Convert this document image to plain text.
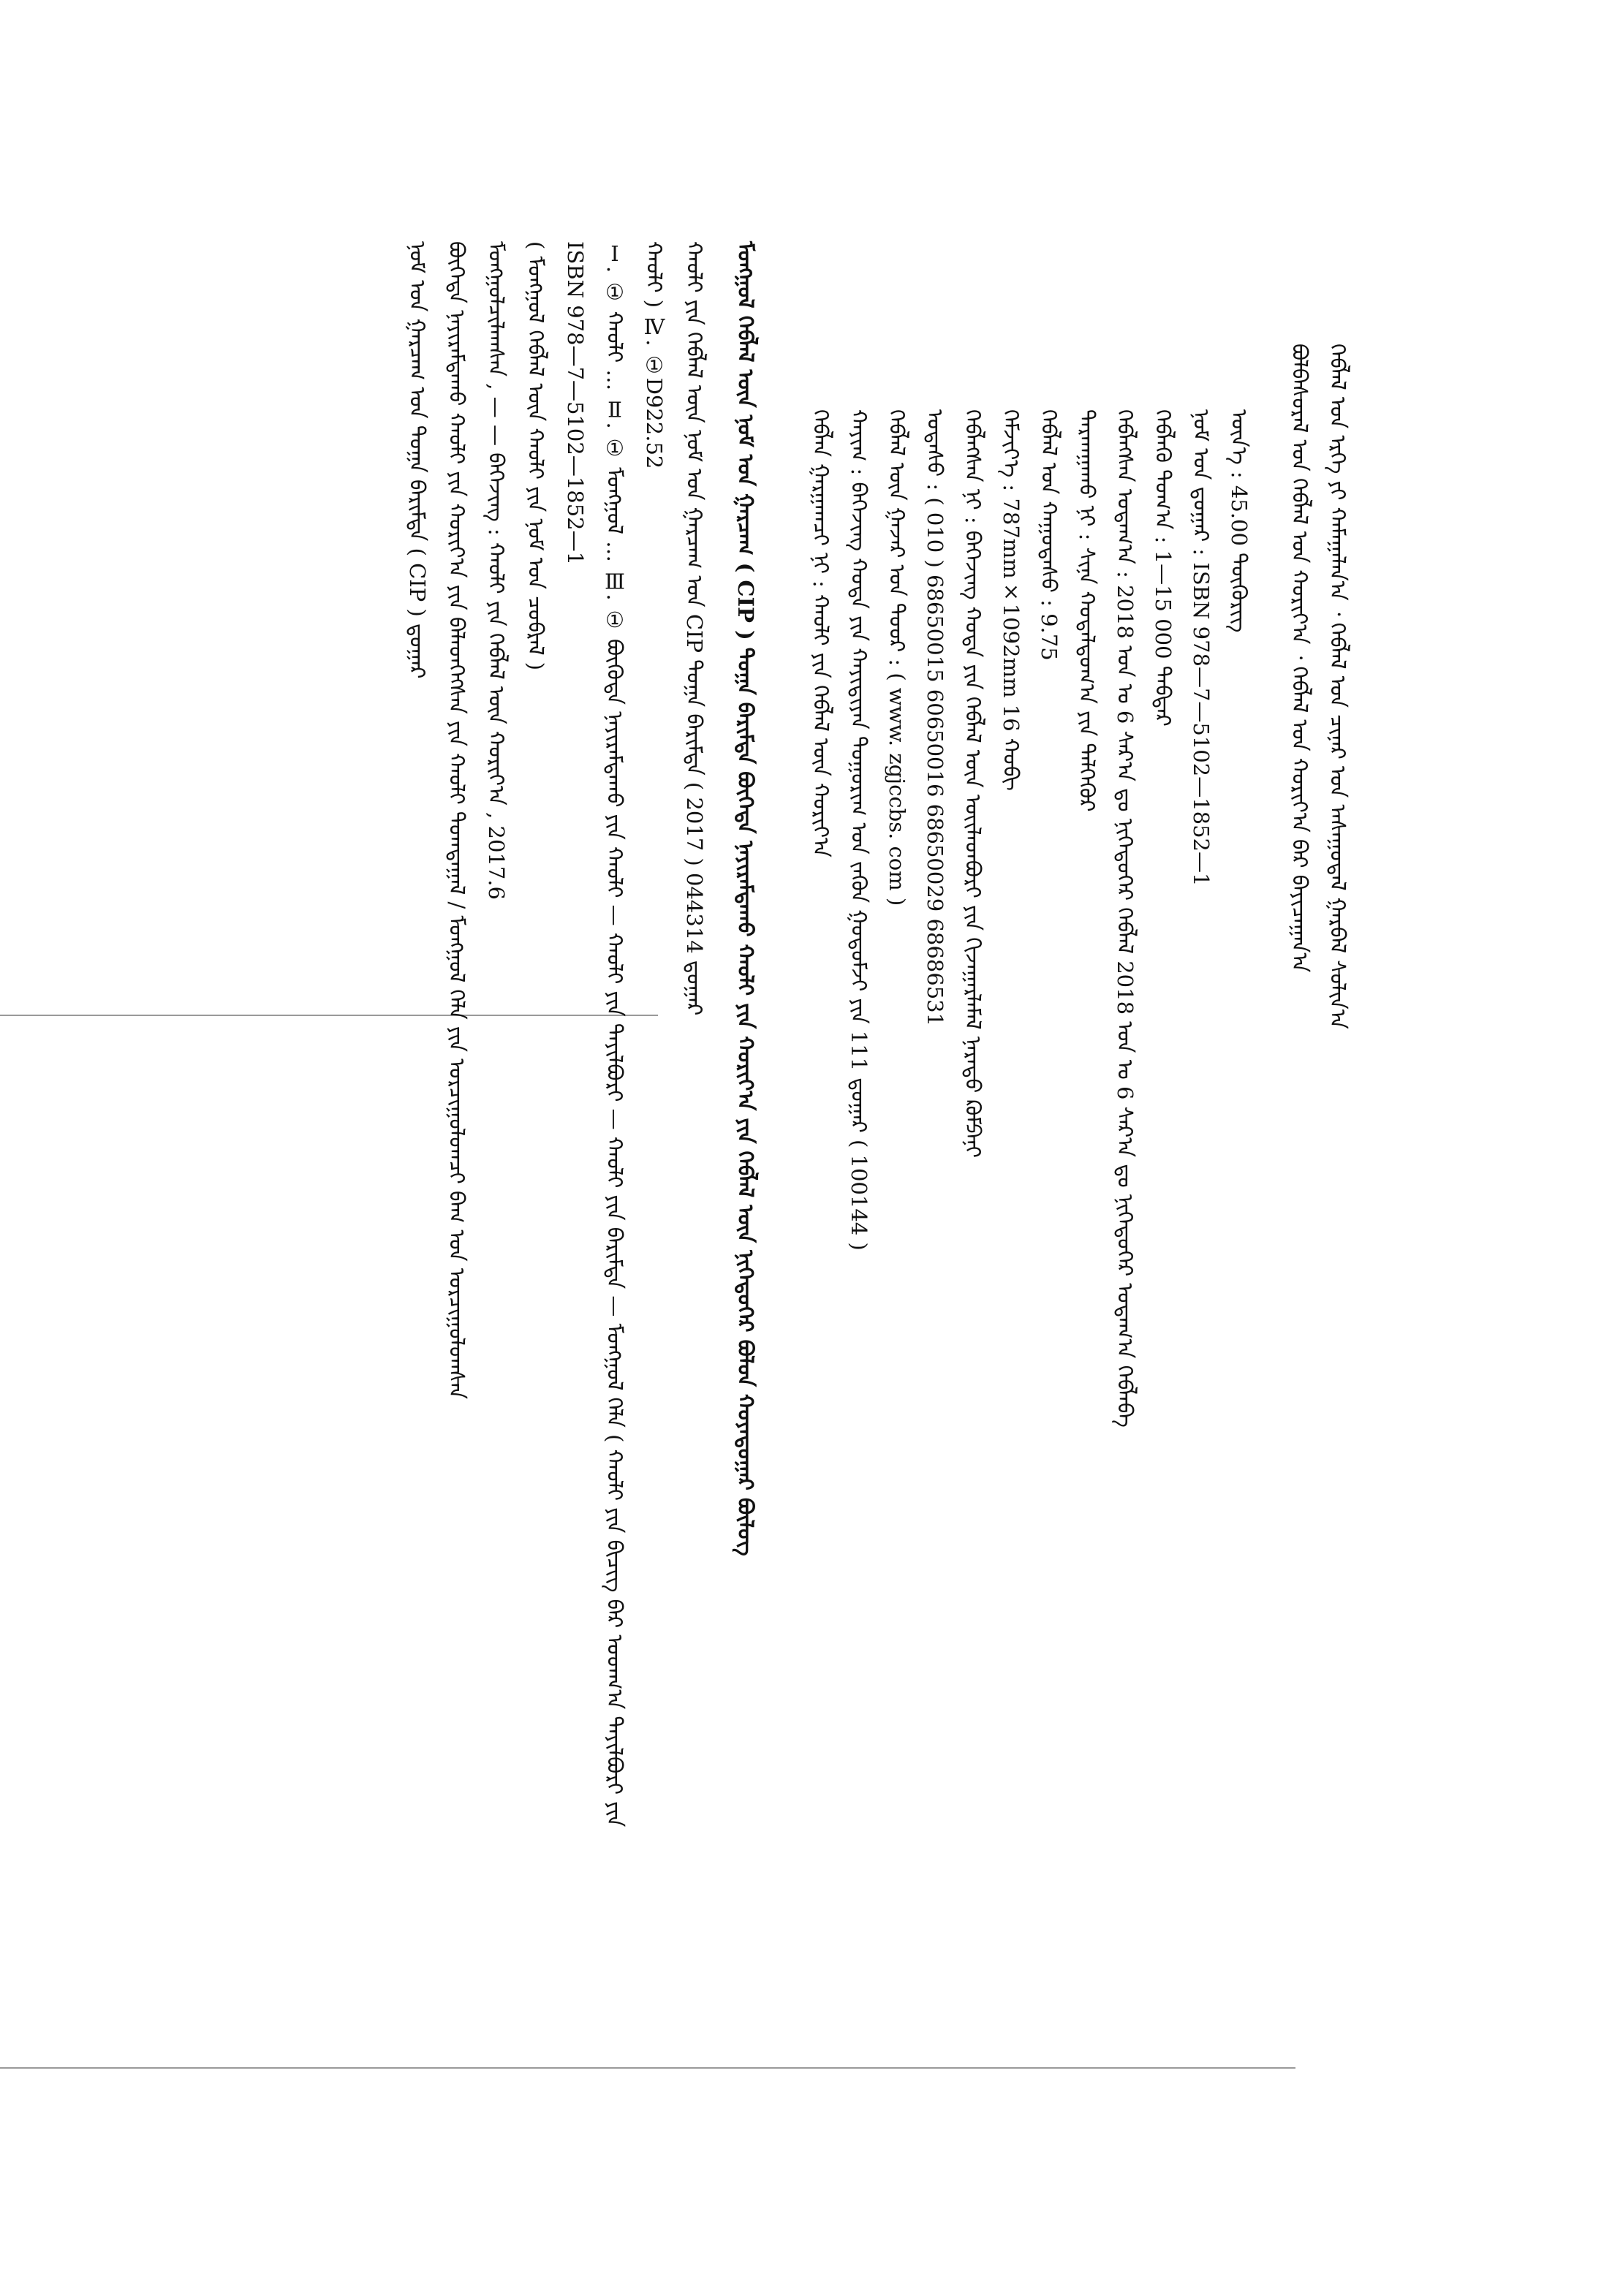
ᠬᠡᠪᠯᠡᠯ ᠤᠨ ᠡᠷᠬᠡ ᠶᠢ ᠬᠠᠮᠠᠭᠠᠯᠠᠨ᠎ᠠ ᠂ ᠬᠡᠪᠯᠡᠯ ᠤᠨ ᠴᠢᠨᠠᠷ ᠤᠨ ᠠᠰᠠᠭᠤᠳᠠᠯ ᠭᠠᠷᠪᠠᠯ ᠰᠣᠯᠢᠨ᠎ᠠ
ᠪᠣᠯᠪᠠᠰᠤᠷᠠᠯ ᠤᠨ ᠬᠡᠪᠯᠡᠯ ᠤᠨ ᠬᠣᠷᠢᠶ᠎ᠠ ᠂ ᠬᠡᠪᠯᠡᠯ ᠤᠨ ᠬᠣᠷᠢᠶ᠎ᠠ ᠪᠠᠷ ᠪᠠᠶᠢᠴᠠᠭᠠᠨ᠎ᠠ
ᠦᠨ᠎ᠡ : 45.00 ᠲᠥᠭᠦᠷᠢᠭ
ᠨᠣᠮ ᠤᠨ ᠳ᠋ᠤᠭᠠᠷ : ISBN 978—7—5102—1852—1
ᠬᠡᠪᠯᠡᠬᠦ ᠲᠣᠭ᠎ᠠ : 1—15 000 ᠳᠡᠪᠲᠡᠷ
ᠬᠡᠪᠯᠡᠭᠰᠡᠨ ᠤᠳᠠᠭ᠎ᠠ : 2018 ᠣᠨ ᠤ 6 ᠰᠠᠷ᠎ᠠ ᠳᠤ ᠨᠢᠭᠡᠳᠦᠭᠡᠷ ᠬᠡᠪᠯᠡᠯ 2018 ᠣᠨ ᠤ 6 ᠰᠠᠷ᠎ᠠ ᠳᠤ ᠨᠢᠭᠡᠳᠦᠭᠡᠷ ᠤᠳᠠᠭ᠎ᠠ ᠬᠡᠪᠯᠡᠪᠡ
ᠲᠠᠷᠬᠠᠭᠠᠬᠤ ᠨᠢ : ᠰᠢᠨᠡ ᠬᠤᠳᠠᠯᠳᠤᠭ᠎ᠠ ᠶᠢᠨ ᠳᠡᠯᠭᠡᠭᠦᠷ
ᠬᠡᠪᠯᠡᠯ ᠤᠨ ᠬᠠᠭᠤᠳᠠᠰᠤ : 9.75
ᠬᠡᠮᠵᠢᠶ᠎ᠡ : 787mm×1092mm 16 ᠬᠤᠪᠢ
ᠬᠡᠪᠯᠡᠭᠰᠡᠨ ᠨᠢ : ᠪᠡᠭᠡᠵᠢᠩ ᠬᠣᠲᠠ ᠶᠢᠨ ᠬᠡᠪᠯᠡᠯ ᠦᠨ ᠦᠢᠯᠡᠳᠪᠦᠷᠢ ᠶᠢᠨ ᠬᠢᠵᠠᠭᠠᠷᠯᠠᠮᠠᠯ ᠨᠡᠷᠡᠲᠦ ᠺᠣᠮᠫᠠᠨᠢ
ᠤᠲᠠᠰᠤ : ( 010 ) 68650015 60650016 68650029 68686531
ᠬᠡᠪᠯᠡᠯ ᠦᠨ ᠭᠠᠵᠠᠷ ᠤᠨ ᠲᠣᠣᠷ : ( www. zgjccbs. com )
ᠬᠠᠶᠢᠭ : ᠪᠡᠭᠡᠵᠢᠩ ᠬᠣᠲᠠ ᠶᠢᠨ ᠬᠠᠶᠢᠳᠢᠶᠠᠨ ᠲᠣᠭᠣᠷᠢᠭ ᠤᠨ ᠵᠡᠭᠦᠨ ᠭᠤᠳᠤᠮᠵᠢ ᠶᠢᠨ 111 ᠳ᠋ᠤᠭᠠᠷ ( 100144 )
ᠬᠡᠪᠯᠡᠨ ᠭᠠᠷᠭᠠᠭᠴᠢ ᠨᠢ : ᠬᠠᠤᠯᠢ ᠶᠢᠨ ᠬᠡᠪᠯᠡᠯ ᠦᠨ ᠬᠣᠷᠢᠶ᠎ᠠ
ᠮᠣᠩᠭᠣᠯ ᠬᠡᠪᠯᠡᠯ ᠦᠨ ᠨᠣᠮ ᠤᠨ ᠭᠠᠷᠴᠠᠭ ( CIP ) ᠲᠣᠭᠠ ᠪᠠᠷᠢᠮᠲᠠ ᠪᠥᠭᠡᠳᠡ ᠨᠠᠶᠢᠷᠠᠮᠳᠠᠬᠤ ᠬᠠᠤᠯᠢ ᠶᠢᠨ ᠬᠣᠷᠢᠶ᠎ᠠ ᠶᠢᠨ ᠬᠡᠪᠯᠡᠯ ᠦᠨ ᠨᠢᠭᠡᠳᠦᠭᠡᠷ ᠪᠣᠯᠤᠨ ᠬᠣᠶᠠᠳᠤᠭᠠᠷ ᠪᠦᠯᠦᠭ
ᠬᠠᠤᠯᠢ ᠶᠢᠨ ᠬᠡᠪᠯᠡᠯ ᠦᠨ ᠨᠣᠮ ᠤᠨ ᠭᠠᠷᠴᠠᠭ ᠤᠨ CIP ᠲᠣᠭᠠ ᠪᠠᠷᠢᠮᠲᠠ ( 2017 ) 044314 ᠳ᠋ᠤᠭᠠᠷ
ᠬᠠᠤᠯᠢ ) Ⅳ. ①D922.52
Ⅰ. ① ᠬᠠᠤᠯᠢ … Ⅱ. ① ᠮᠣᠩᠭᠣᠯ … Ⅲ. ① ᠪᠦᠭᠦᠳᠡ ᠨᠠᠶᠢᠷᠠᠮᠳᠠᠬᠤ ᠶᠢᠨ ᠬᠠᠤᠯᠢ — ᠬᠠᠤᠯᠢ ᠶᠢᠨ ᠲᠠᠶᠢᠯᠪᠤᠷᠢ — ᠬᠠᠤᠯᠢ ᠶᠢᠨ ᠪᠠᠷᠢᠮᠲᠠ — ᠮᠣᠩᠭᠣᠯ ᠬᠡᠯᠡ ( ᠬᠠᠤᠯᠢ ᠶᠢᠨ ᠪᠢᠴᠢᠭ ᠪᠠᠷ ᠤᠳᠬ᠎ᠠ ᠲᠠᠶᠢᠯᠪᠤᠷᠢ ᠶᠢᠨ
ISBN 978—7—5102—1852—1
( ᠮᠣᠩᠭᠣᠯ ᠬᠡᠪᠯᠡᠯ ᠦᠨ ᠬᠠᠤᠯᠢ ᠶᠢᠨ ᠨᠣᠮ ᠤᠨ ᠴᠤᠪᠷᠠᠯ )
ᠮᠣᠩᠭᠣᠯᠴᠢᠯᠠᠭᠰᠠᠨ , — — ᠪᠡᠭᠡᠵᠢᠩ : ᠬᠠᠤᠯᠢ ᠶᠢᠨ ᠬᠡᠪᠯᠡᠯ ᠦᠨ ᠬᠣᠷᠢᠶ᠎ᠠ , 2017.6
ᠪᠥᠭᠡᠳᠡ ᠨᠠᠶᠢᠷᠠᠮᠳᠠᠬᠤ ᠬᠠᠤᠯᠢ ᠶᠢᠨ ᠬᠣᠷᠢᠶ᠎ᠠ ᠶᠢᠨ ᠪᠡᠯᠡᠳᠭᠡᠭᠰᠡᠨ ᠶᠢᠨ ᠬᠠᠤᠯᠢ ᠲᠣᠭᠲᠠᠭᠠᠯ / ᠮᠣᠩᠭᠣᠯ ᠬᠡᠯᠡ ᠶᠢᠨ ᠣᠷᠴᠢᠭᠤᠯᠤᠭᠴᠢ ᠪᠠᠭ ᠤᠨ ᠣᠷᠴᠢᠭᠤᠯᠤᠭᠰᠠᠨ
ᠨᠣᠮ ᠤᠨ ᠭᠠᠷᠴᠠᠭ ᠤᠨ ᠲᠣᠭᠠ ᠪᠠᠷᠢᠮᠲᠠ ( CIP ) ᠳ᠋ᠤᠭᠠᠷ
